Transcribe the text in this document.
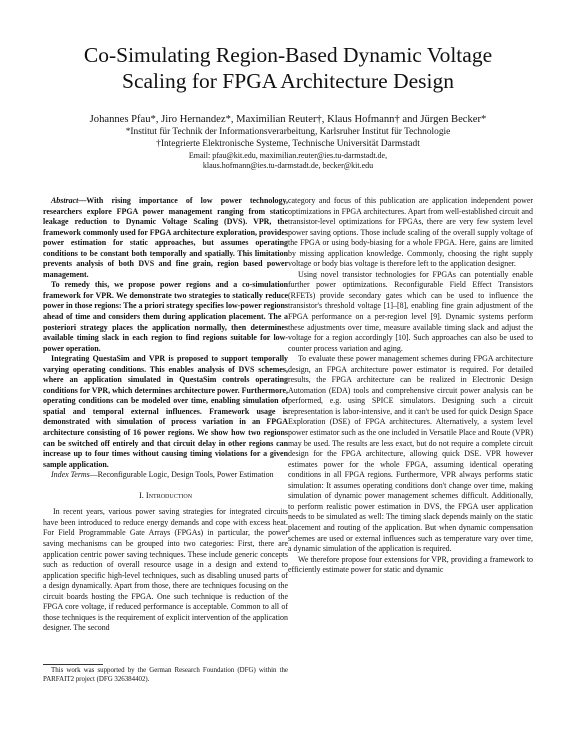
Co-Simulating Region-Based Dynamic Voltage
Scaling for FPGA Architecture Design
Johannes Pfau*, Jiro Hernandez*, Maximilian Reuter†, Klaus Hofmann† and Jürgen Becker*
*Institut für Technik der Informationsverarbeitung, Karlsruher Institut für Technologie
†Integrierte Elektronische Systeme, Technische Universität Darmstadt
Email: pfau@kit.edu, maximilian.reuter@ies.tu-darmstadt.de,
klaus.hofmann@ies.tu-darmstadt.de, becker@kit.edu

Abstract—With rising importance of low power technology, researchers explore FPGA power management ranging from static leakage reduction to Dynamic Voltage Scaling (DVS). VPR, the framework commonly used for FPGA architecture exploration, provides power estimation for static approaches, but assumes operating conditions to be constant both temporally and spatially. This limitation prevents analysis of both DVS and fine grain, region based power management.

To remedy this, we propose power regions and a co-simulation framework for VPR. We demonstrate two strategies to statically reduce power in those regions: The a priori strategy specifies low-power regions ahead of time and considers them during application placement. The a posteriori strategy places the application normally, then determines available timing slack in each region to find regions suitable for low-power operation.

Integrating QuestaSim and VPR is proposed to support temporally varying operating conditions. This enables analysis of DVS schemes, where an application simulated in QuestaSim controls operating conditions for VPR, which determines architecture power. Furthermore, operating conditions can be modeled over time, enabling simulation of spatial and temporal external influences. Framework usage is demonstrated with simulation of process variation in an FPGA architecture consisting of 16 power regions. We show how two regions can be switched off entirely and that circuit delay in other regions can increase up to four times without causing timing violations for a given sample application.

Index Terms—Reconfigurable Logic, Design Tools, Power Estimation

I. Introduction

In recent years, various power saving strategies for integrated circuits have been introduced to reduce energy demands and cope with excess heat. For Field Programmable Gate Arrays (FPGAs) in particular, the power saving mechanisms can be grouped into two categories: First, there are application centric power saving techniques. These include generic concepts such as reduction of overall resource usage in a design and extend to application specific high-level techniques, such as disabling unused parts of a design dynamically. Apart from those, there are techniques focusing on the circuit boards hosting the FPGA. One such technique is reduction of the FPGA core voltage, if reduced performance is acceptable. Common to all of those techniques is the requirement of explicit intervention of the application designer. The second

This work was supported by the German Research Foundation (DFG) within the PARFAIT2 project (DFG 326384402).

category and focus of this publication are application independent power optimizations in FPGA architectures. Apart from well-established circuit and transistor-level optimizations for FPGAs, there are very few system level power saving options. Those include scaling of the overall supply voltage of the FPGA or using body-biasing for a whole FPGA. Here, gains are limited by missing application knowledge. Commonly, choosing the right supply voltage or body bias voltage is therefore left to the application designer.

Using novel transistor technologies for FPGAs can potentially enable further power optimizations. Reconfigurable Field Effect Transistors (RFETs) provide secondary gates which can be used to influence the transistor's threshold voltage [1]–[8], enabling fine grain adjustment of the FPGA performance on a per-region level [9]. Dynamic systems perform these adjustments over time, measure available timing slack and adjust the voltage for a region accordingly [10]. Such approaches can also be used to counter process variation and aging.

To evaluate these power management schemes during FPGA architecture design, an FPGA architecture power estimator is required. For detailed results, the FPGA architecture can be realized in Electronic Design Automation (EDA) tools and comprehensive circuit power analysis can be performed, e.g. using SPICE simulators. Designing such a circuit representation is labor-intensive, and it can't be used for quick Design Space Exploration (DSE) of FPGA architectures. Alternatively, a system level power estimator such as the one included in Versatile Place and Route (VPR) may be used. The results are less exact, but do not require a complete circuit design for the FPGA architecture, allowing quick DSE. VPR however estimates power for the whole FPGA, assuming identical operating conditions in all FPGA regions. Furthermore, VPR always performs static simulation: It assumes operating conditions don't change over time, making simulation of dynamic power management schemes difficult. Additionally, to perform realistic power estimation in DVS, the FPGA user application needs to be simulated as well: The timing slack depends mainly on the static placement and routing of the application. But when dynamic compensation schemes are used or external influences such as temperature vary over time, a dynamic simulation of the application is required.

We therefore propose four extensions for VPR, providing a framework to efficiently estimate power for static and dynamic
